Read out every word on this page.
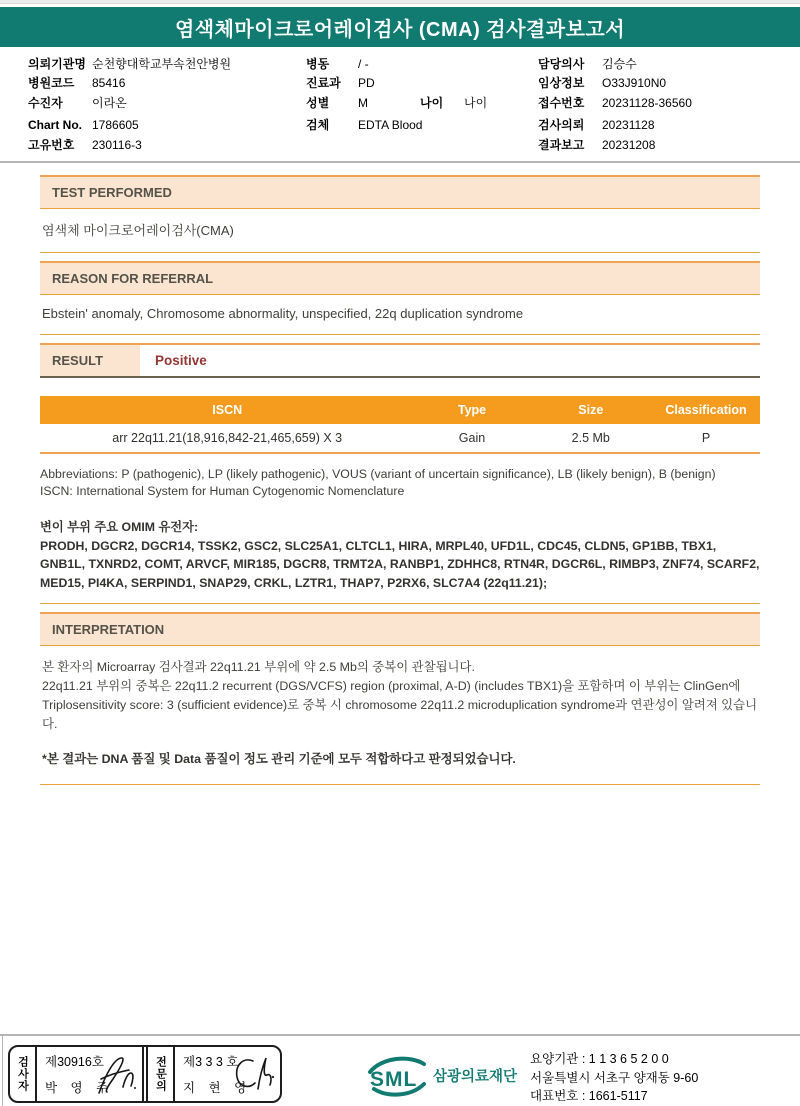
염색체마이크로어레이검사 (CMA) 검사결과보고서
의뢰기관명 순천향대학교부속천안병원
병원코드	85416
수진자	이라온
Chart No. 1786605
고유번호	230116-3
병동	/ -
진료과	PD
성별	M	나이	나이
검체	EDTA Blood
담당의사	김승수
임상정보	O33J910N0
접수번호	20231128-36560
검사의뢰	20231128
결과보고	20231208
TEST PERFORMED
염색체 마이크로어레이검사(CMA)
REASON FOR REFERRAL
Ebstein' anomaly, Chromosome abnormality, unspecified, 22q duplication syndrome
RESULT	Positive
ISCN	Type	Size	Classification
arr 22q11.21(18,916,842-21,465,659) X 3	Gain	2.5 Mb	P
Abbreviations: P (pathogenic), LP (likely pathogenic), VOUS (variant of uncertain significance), LB (likely benign), B (benign)
ISCN: International System for Human Cytogenomic Nomenclature
변이 부위 주요 OMIM 유전자:
PRODH, DGCR2, DGCR14, TSSK2, GSC2, SLC25A1, CLTCL1, HIRA, MRPL40, UFD1L, CDC45, CLDN5, GP1BB, TBX1, GNB1L, TXNRD2, COMT, ARVCF, MIR185, DGCR8, TRMT2A, RANBP1, ZDHHC8, RTN4R, DGCR6L, RIMBP3, ZNF74, SCARF2, MED15, PI4KA, SERPIND1, SNAP29, CRKL, LZTR1, THAP7, P2RX6, SLC7A4 (22q11.21);
INTERPRETATION
본 환자의 Microarray 검사결과 22q11.21 부위에 약 2.5 Mb의 중복이 관찰됩니다.
22q11.21 부위의 중복은 22q11.2 recurrent (DGS/VCFS) region (proximal, A-D) (includes TBX1)을 포함하며 이 부위는 ClinGen에 Triplosensitivity score: 3 (sufficient evidence)로 중복 시 chromosome 22q11.2 microduplication syndrome과 연관성이 알려져 있습니다.
*본 결과는 DNA 품질 및 Data 품질이 정도 관리 기준에 모두 적합하다고 판정되었습니다.
검사자	제30916호
박 영 주	전문의	제3 3 3 호
지 현 영	SML 삼광의료재단
요양기관 : 1 1 3 6 5 2 0 0
서울특별시 서초구 양재동 9-60
대표번호 : 1661-5117
